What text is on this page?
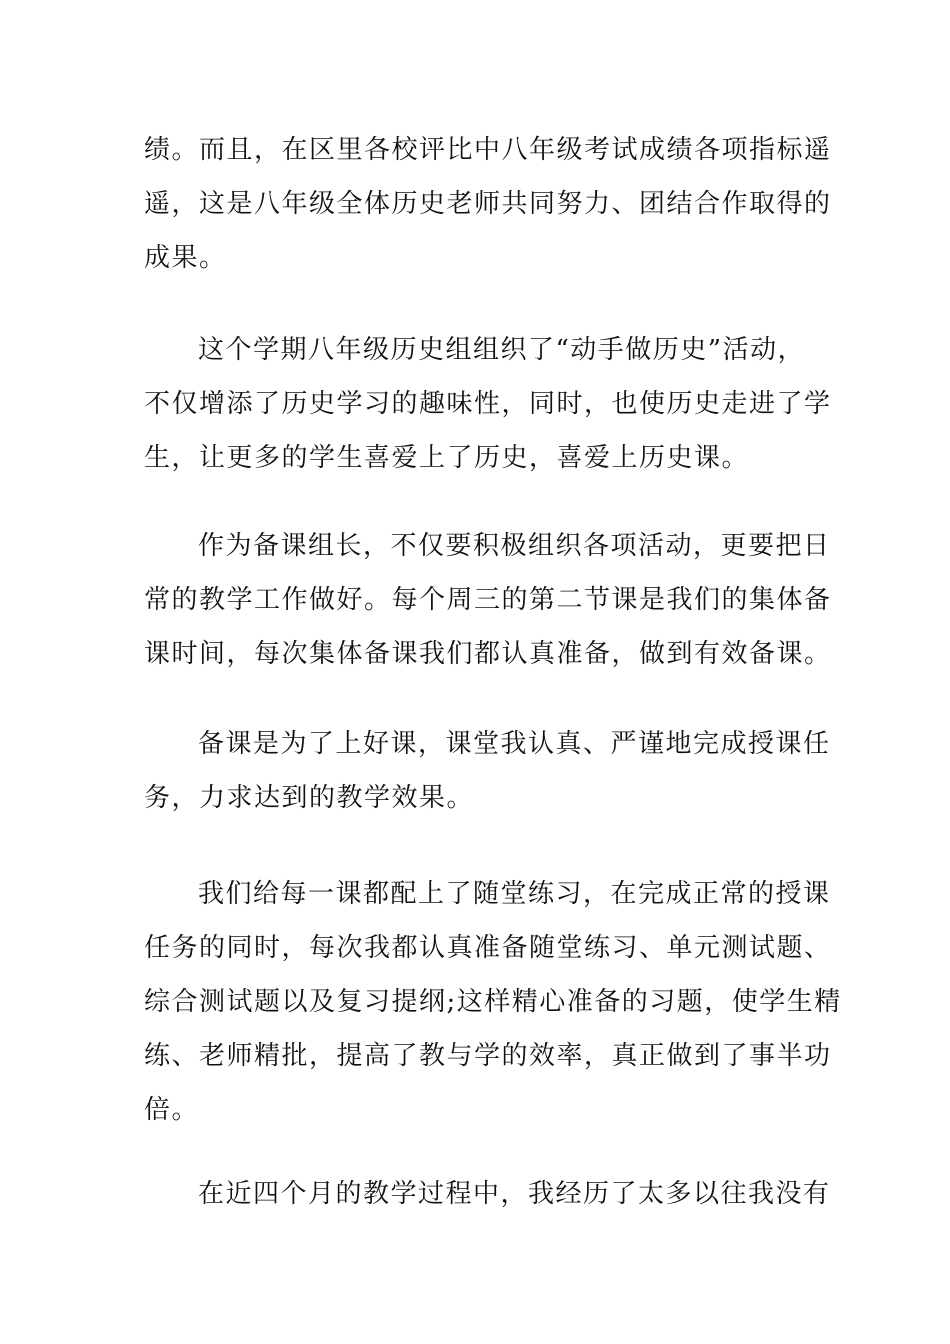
绩。而且，在区里各校评比中八年级考试成绩各项指标遥
遥，这是八年级全体历史老师共同努力、团结合作取得的
成果。
这个学期八年级历史组组织了“动手做历史”活动，
不仅增添了历史学习的趣味性，同时，也使历史走进了学
生，让更多的学生喜爱上了历史，喜爱上历史课。
作为备课组长，不仅要积极组织各项活动，更要把日
常的教学工作做好。每个周三的第二节课是我们的集体备
课时间，每次集体备课我们都认真准备，做到有效备课。
备课是为了上好课，课堂我认真、严谨地完成授课任
务，力求达到的教学效果。
我们给每一课都配上了随堂练习，在完成正常的授课
任务的同时，每次我都认真准备随堂练习、单元测试题、
综合测试题以及复习提纲;这样精心准备的习题，使学生精
练、老师精批，提高了教与学的效率，真正做到了事半功
倍。
在近四个月的教学过程中，我经历了太多以往我没有
